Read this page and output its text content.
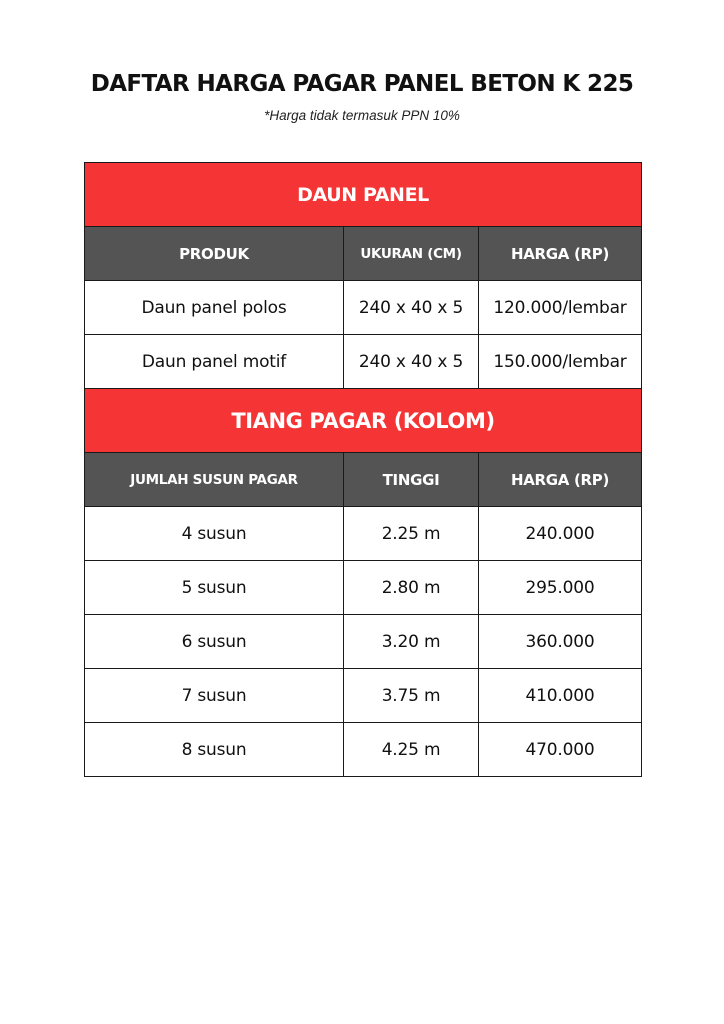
DAFTAR HARGA PAGAR PANEL BETON K 225
*Harga tidak termasuk PPN 10%
DAUN PANEL		
PRODUK	UKURAN (CM)	HARGA (RP)
Daun panel polos	240 x 40 x 5	120.000/lembar
Daun panel motif	240 x 40 x 5	150.000/lembar
TIANG PAGAR (KOLOM)		
JUMLAH SUSUN PAGAR	TINGGI	HARGA (RP)
4 susun	2.25 m	240.000
5 susun	2.80 m	295.000
6 susun	3.20 m	360.000
7 susun	3.75 m	410.000
8 susun	4.25 m	470.000
